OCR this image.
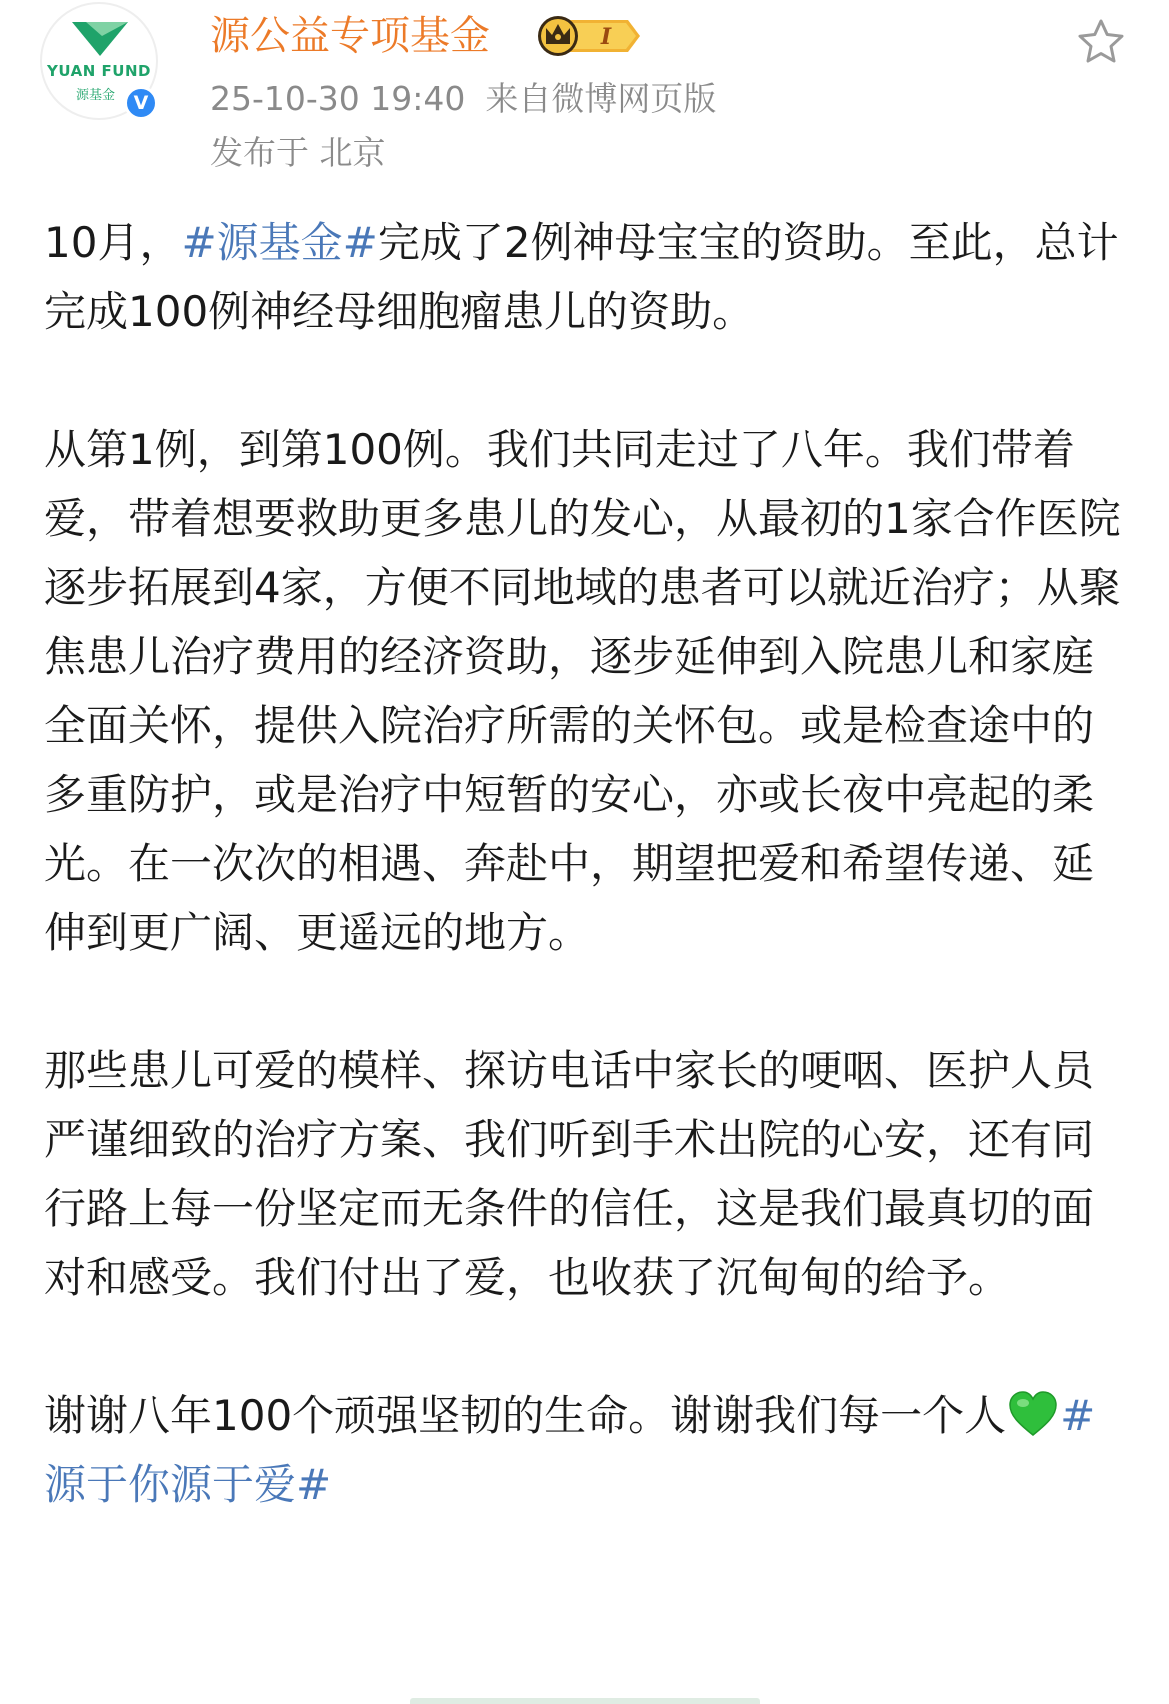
YUAN FUND
源基金 V
源公益专项基金	I
25-10-30 19:40 来自微博网页版
发布于 北京

10月，#源基金#完成了2例神母宝宝的资助。至此，总计完成100例神经母细胞瘤患儿的资助。

从第1例，到第100例。我们共同走过了八年。我们带着爱，带着想要救助更多患儿的发心，从最初的1家合作医院逐步拓展到4家，方便不同地域的患者可以就近治疗；从聚焦患儿治疗费用的经济资助，逐步延伸到入院患儿和家庭全面关怀，提供入院治疗所需的关怀包。或是检查途中的多重防护，或是治疗中短暂的安心，亦或长夜中亮起的柔光。在一次次的相遇、奔赴中，期望把爱和希望传递、延伸到更广阔、更遥远的地方。

那些患儿可爱的模样、探访电话中家长的哽咽、医护人员严谨细致的治疗方案、我们听到手术出院的心安，还有同行路上每一份坚定而无条件的信任，这是我们最真切的面对和感受。我们付出了爱，也收获了沉甸甸的给予。

谢谢八年100个顽强坚韧的生命。谢谢我们每一个人 #源于你源于爱#
